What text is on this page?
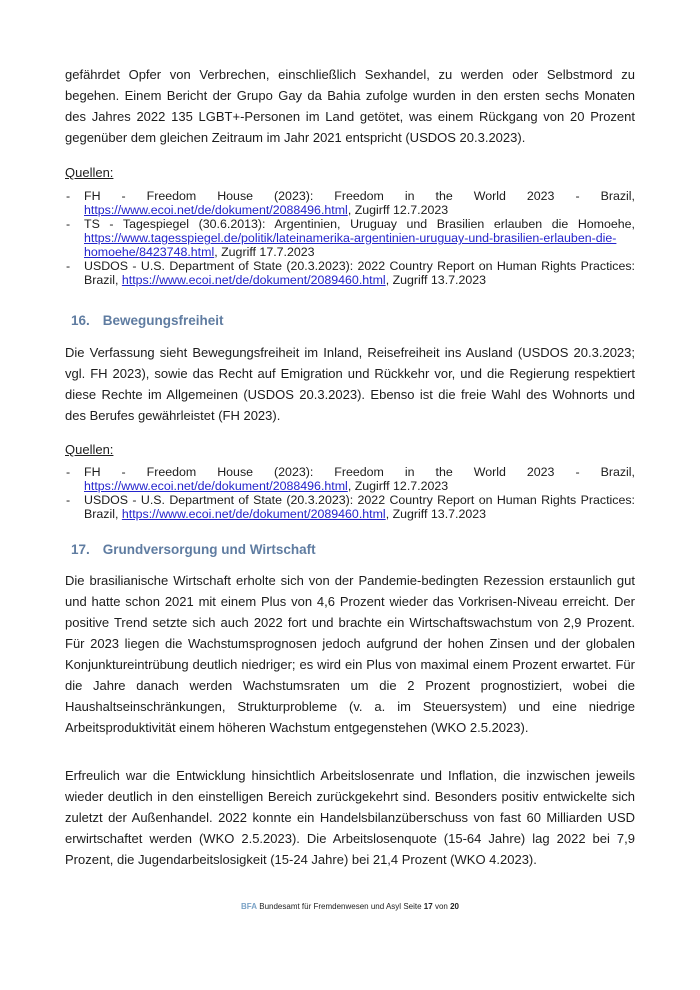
gefährdet Opfer von Verbrechen, einschließlich Sexhandel, zu werden oder Selbstmord zu begehen. Einem Bericht der Grupo Gay da Bahia zufolge wurden in den ersten sechs Monaten des Jahres 2022 135 LGBT+-Personen im Land getötet, was einem Rückgang von 20 Prozent gegenüber dem gleichen Zeitraum im Jahr 2021 entspricht (USDOS 20.3.2023).

Quellen:

- FH - Freedom House (2023): Freedom in the World 2023 - Brazil, https://www.ecoi.net/de/dokument/2088496.html, Zugirff 12.7.2023
- TS - Tagespiegel (30.6.2013): Argentinien, Uruguay und Brasilien erlauben die Homoehe, https://www.tagesspiegel.de/politik/lateinamerika-argentinien-uruguay-und-brasilien-erlauben-die-homoehe/8423748.html, Zugriff 17.7.2023
- USDOS - U.S. Department of State (20.3.2023): 2022 Country Report on Human Rights Practices: Brazil, https://www.ecoi.net/de/dokument/2089460.html, Zugriff 13.7.2023
16. Bewegungsfreiheit

Die Verfassung sieht Bewegungsfreiheit im Inland, Reisefreiheit ins Ausland (USDOS 20.3.2023; vgl. FH 2023), sowie das Recht auf Emigration und Rückkehr vor, und die Regierung respektiert diese Rechte im Allgemeinen (USDOS 20.3.2023). Ebenso ist die freie Wahl des Wohnorts und des Berufes gewährleistet (FH 2023).

Quellen:

- FH - Freedom House (2023): Freedom in the World 2023 - Brazil, https://www.ecoi.net/de/dokument/2088496.html, Zugirff 12.7.2023
- USDOS - U.S. Department of State (20.3.2023): 2022 Country Report on Human Rights Practices: Brazil, https://www.ecoi.net/de/dokument/2089460.html, Zugriff 13.7.2023
17. Grundversorgung und Wirtschaft

Die brasilianische Wirtschaft erholte sich von der Pandemie-bedingten Rezession erstaunlich gut und hatte schon 2021 mit einem Plus von 4,6 Prozent wieder das Vorkrisen-Niveau erreicht. Der positive Trend setzte sich auch 2022 fort und brachte ein Wirtschaftswachstum von 2,9 Prozent. Für 2023 liegen die Wachstumsprognosen jedoch aufgrund der hohen Zinsen und der globalen Konjunktureintrübung deutlich niedriger; es wird ein Plus von maximal einem Prozent erwartet. Für die Jahre danach werden Wachstumsraten um die 2 Prozent prognostiziert, wobei die Haushaltseinschränkungen, Strukturprobleme (v. a. im Steuersystem) und eine niedrige Arbeitsproduktivität einem höheren Wachstum entgegenstehen (WKO 2.5.2023).

Erfreulich war die Entwicklung hinsichtlich Arbeitslosenrate und Inflation, die inzwischen jeweils wieder deutlich in den einstelligen Bereich zurückgekehrt sind. Besonders positiv entwickelte sich zuletzt der Außenhandel. 2022 konnte ein Handelsbilanzüberschuss von fast 60 Milliarden USD erwirtschaftet werden (WKO 2.5.2023). Die Arbeitslosenquote (15-64 Jahre) lag 2022 bei 7,9 Prozent, die Jugendarbeitslosigkeit (15-24 Jahre) bei 21,4 Prozent (WKO 4.2023).

BFA Bundesamt für Fremdenwesen und Asyl Seite 17 von 20
